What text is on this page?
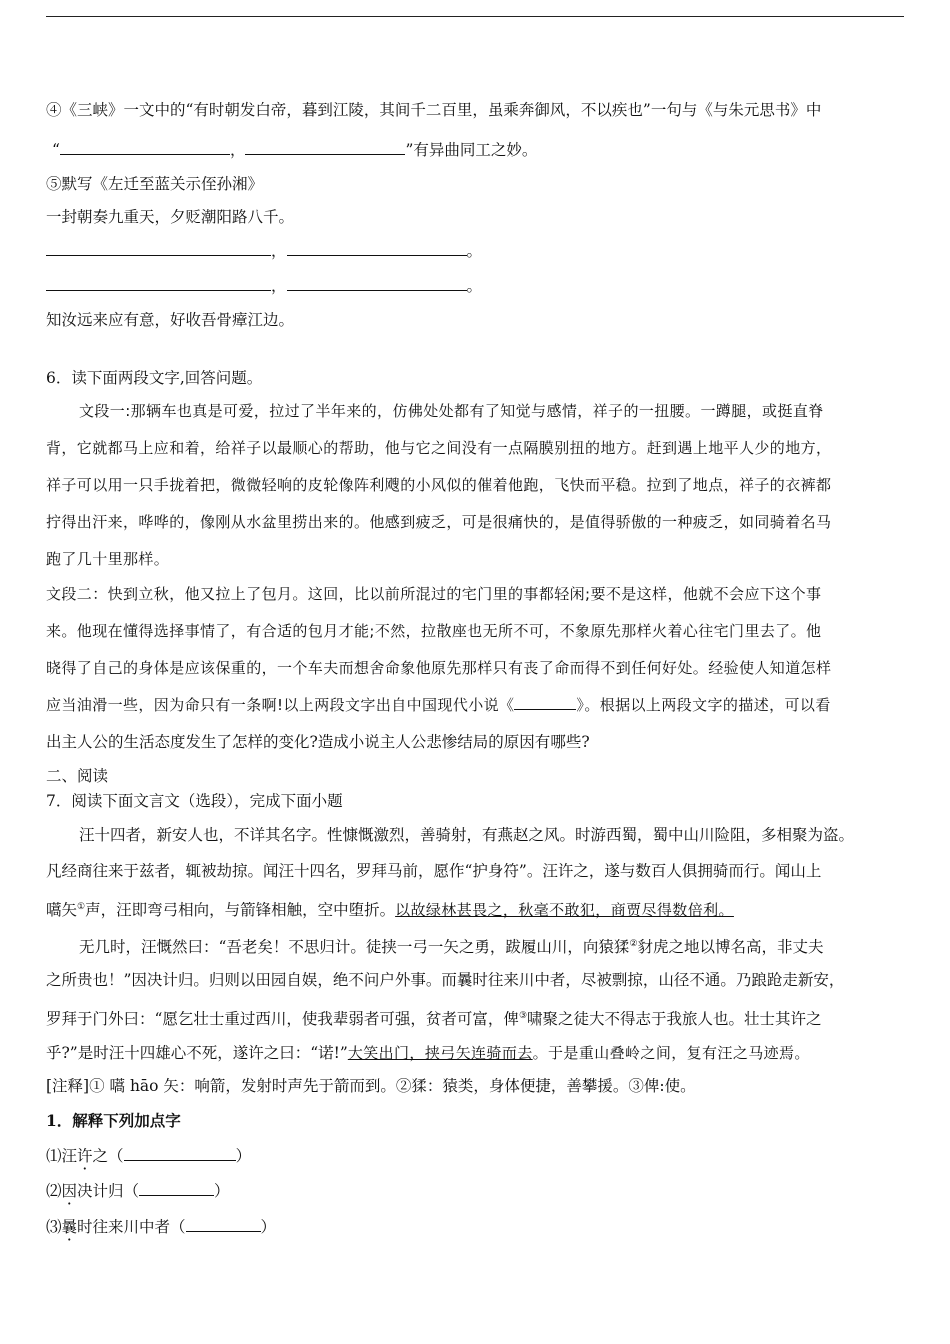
④《三峡》一文中的“有时朝发白帝，暮到江陵，其间千二百里，虽乘奔御风，不以疾也”一句与《与朱元思书》中
“	，	”有异曲同工之妙。
⑤默写《左迁至蓝关示侄孙湘》
一封朝奏九重天，夕贬潮阳路八千。
，	。
，	。
知汝远来应有意，好收吾骨瘴江边。
6．读下面两段文字,回答问题。
文段一:那辆车也真是可爱，拉过了半年来的，仿佛处处都有了知觉与感情，祥子的一扭腰。一蹲腿，或挺直脊
背，它就都马上应和着，给祥子以最顺心的帮助，他与它之间没有一点隔膜别扭的地方。赶到遇上地平人少的地方，
祥子可以用一只手拢着把，微微轻响的皮轮像阵利飕的小风似的催着他跑，飞快而平稳。拉到了地点，祥子的衣裤都
拧得出汗来，哗哗的，像刚从水盆里捞出来的。他感到疲乏，可是很痛快的，是值得骄傲的一种疲乏，如同骑着名马
跑了几十里那样。
文段二：快到立秋，他又拉上了包月。这回，比以前所混过的宅门里的事都轻闲;要不是这样，他就不会应下这个事
来。他现在懂得选择事情了，有合适的包月才能;不然，拉散座也无所不可，不象原先那样火着心往宅门里去了。他
晓得了自己的身体是应该保重的，一个车夫而想舍命象他原先那样只有丧了命而得不到任何好处。经验使人知道怎样
应当油滑一些，因为命只有一条啊!以上两段文字出自中国现代小说《	》。根据以上两段文字的描述，可以看
出主人公的生活态度发生了怎样的变化?造成小说主人公悲惨结局的原因有哪些?
二、阅读
7．阅读下面文言文（选段），完成下面小题
汪十四者，新安人也，不详其名字。性慷慨激烈，善骑射，有燕赵之风。时游西蜀，蜀中山川险阻，多相聚为盗。
凡经商往来于兹者，辄被劫掠。闻汪十四名，罗拜马前，愿作“护身符”。汪许之，遂与数百人俱拥骑而行。闻山上
嚆矢①声，汪即弯弓相向，与箭锋相触，空中堕折。以故绿林甚畏之，秋毫不敢犯，商贾尽得数倍利。
无几时，汪慨然曰：“吾老矣！不思归计。徒挟一弓一矢之勇，跋履山川，向猿猱②豺虎之地以博名高，非丈夫
之所贵也！”因决计归。归则以田园自娱，绝不问户外事。而曩时往来川中者，尽被剽掠，山径不通。乃踉跄走新安，
罗拜于门外曰：“愿乞壮士重过西川，使我辈弱者可强，贫者可富，俾③啸聚之徒大不得志于我旅人也。壮士其许之
乎?”是时汪十四雄心不死，遂许之曰：“诺!”大笑出门，挟弓矢连骑而去。于是重山叠岭之间，复有汪之马迹焉。
[注释]① 嚆 hāo 矢：响箭，发射时声先于箭而到。②猱：猿类，身体便捷，善攀援。③俾:使。
1．解释下列加点字
⑴汪许之（	）
⑵因决计归（	）
⑶曩时往来川中者（	）
